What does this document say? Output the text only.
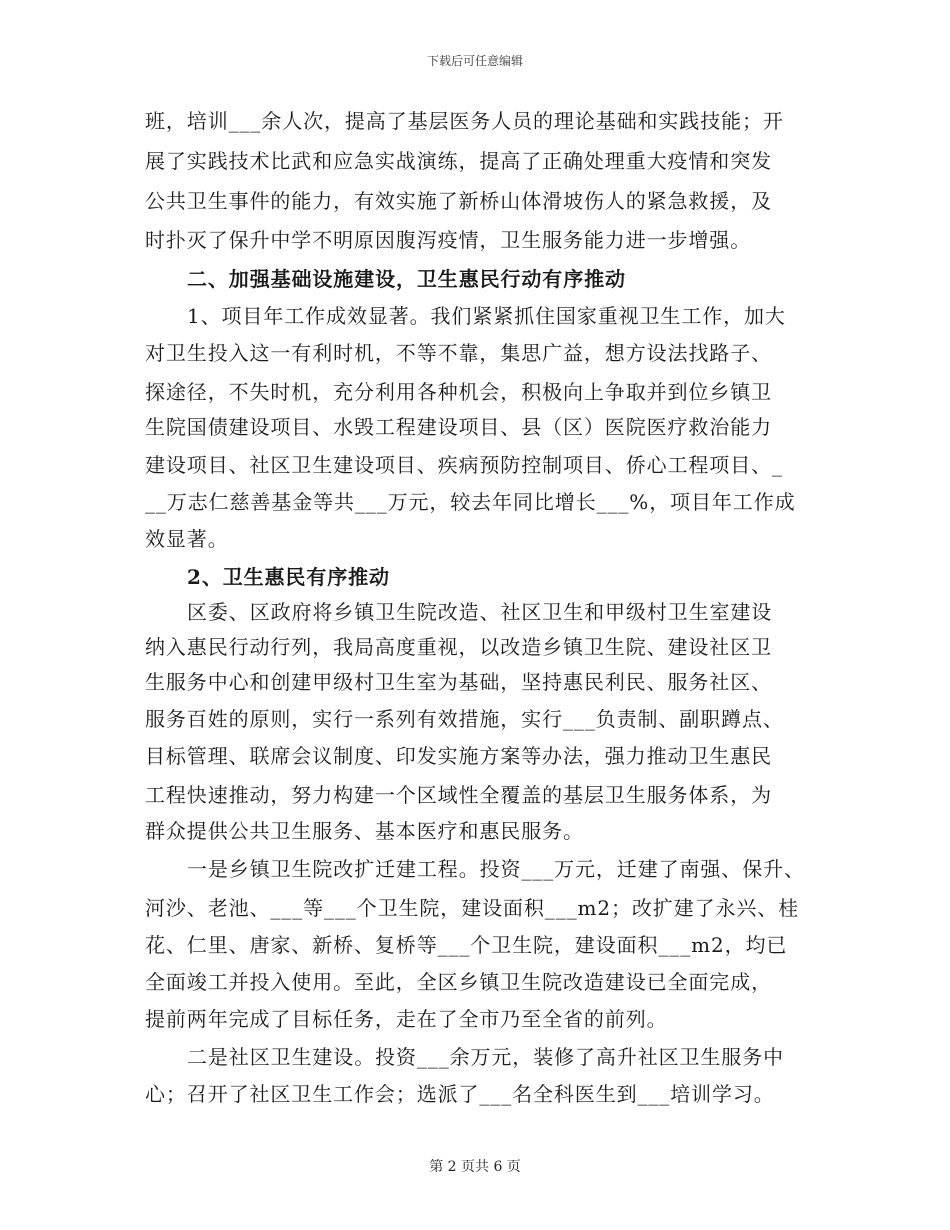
下载后可任意编辑
班，培训___余人次，提高了基层医务人员的理论基础和实践技能；开
展了实践技术比武和应急实战演练，提高了正确处理重大疫情和突发
公共卫生事件的能力，有效实施了新桥山体滑坡伤人的紧急救援，及
时扑灭了保升中学不明原因腹泻疫情，卫生服务能力进一步增强。
二、加强基础设施建设，卫生惠民行动有序推动
1、项目年工作成效显著。我们紧紧抓住国家重视卫生工作，加大
对卫生投入这一有利时机，不等不靠，集思广益，想方设法找路子、
探途径，不失时机，充分利用各种机会，积极向上争取并到位乡镇卫
生院国债建设项目、水毁工程建设项目、县（区）医院医疗救治能力
建设项目、社区卫生建设项目、疾病预防控制项目、侨心工程项目、_
__万志仁慈善基金等共___万元，较去年同比增长___%，项目年工作成
效显著。
2、卫生惠民有序推动
区委、区政府将乡镇卫生院改造、社区卫生和甲级村卫生室建设
纳入惠民行动行列，我局高度重视，以改造乡镇卫生院、建设社区卫
生服务中心和创建甲级村卫生室为基础，坚持惠民利民、服务社区、
服务百姓的原则，实行一系列有效措施，实行___负责制、副职蹲点、
目标管理、联席会议制度、印发实施方案等办法，强力推动卫生惠民
工程快速推动，努力构建一个区域性全覆盖的基层卫生服务体系，为
群众提供公共卫生服务、基本医疗和惠民服务。
一是乡镇卫生院改扩迁建工程。投资___万元，迁建了南强、保升、
河沙、老池、___等___个卫生院，建设面积___m2；改扩建了永兴、桂
花、仁里、唐家、新桥、复桥等___个卫生院，建设面积___m2，均已
全面竣工并投入使用。至此，全区乡镇卫生院改造建设已全面完成，
提前两年完成了目标任务，走在了全市乃至全省的前列。
二是社区卫生建设。投资___余万元，装修了高升社区卫生服务中
心；召开了社区卫生工作会；选派了___名全科医生到___培训学习。
第 2 页共 6 页
